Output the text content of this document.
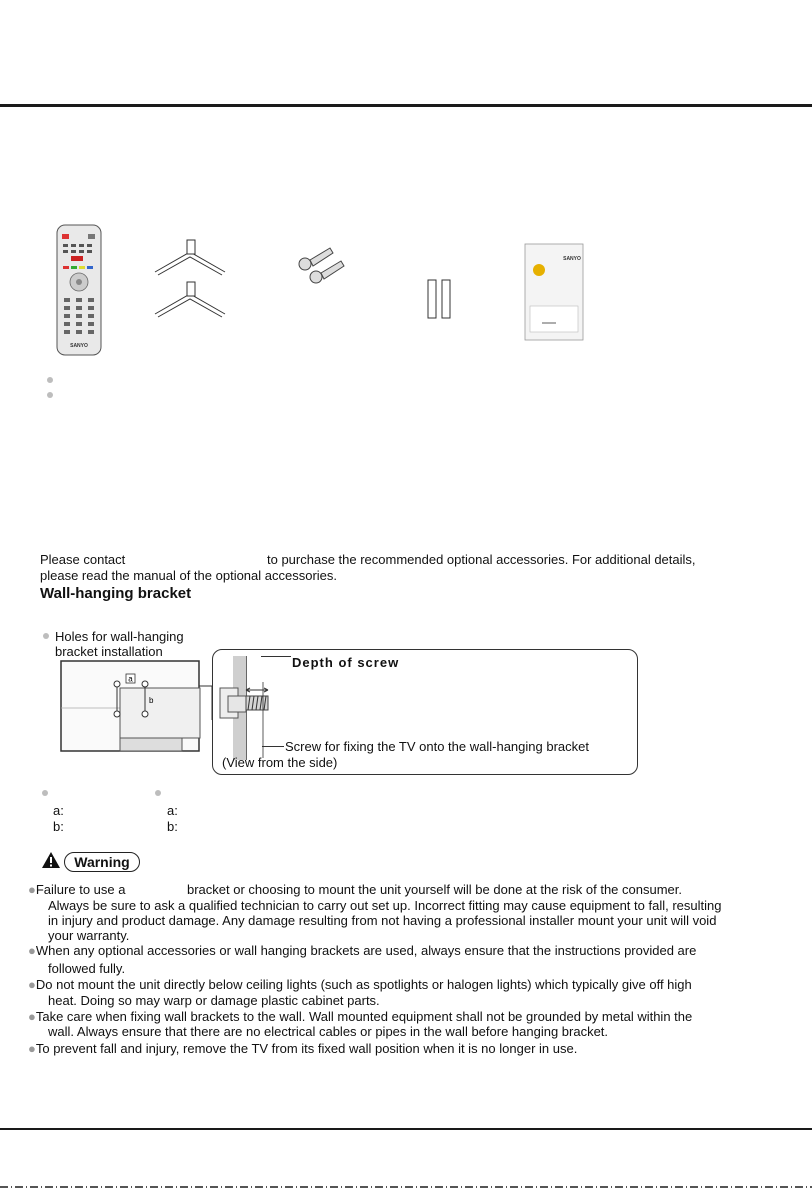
SANYO
SANYO
Please contact	to purchase the recommended optional accessories. For additional details,
please read the manual of the optional accessories.
Wall-hanging bracket
Holes for wall-hanging
bracket installation
a
b
Depth of screw
Screw for fixing the TV onto the wall-hanging bracket
(View from the side)
a:
b:
a:
b:
Warning
●Failure to use a	bracket or choosing to mount the unit yourself will be done at the risk of the consumer.
Always be sure to ask a qualified technician to carry out set up. Incorrect fitting may cause equipment to fall, resulting
in injury and product damage. Any damage resulting from not having a professional installer mount your unit will void
your warranty.
●When any optional accessories or wall hanging brackets are used, always ensure that the instructions provided are
followed fully.
●Do not mount the unit directly below ceiling lights (such as spotlights or halogen lights) which typically give off high
heat. Doing so may warp or damage plastic cabinet parts.
●Take care when fixing wall brackets to the wall. Wall mounted equipment shall not be grounded by metal within the
wall. Always ensure that there are no electrical cables or pipes in the wall before hanging bracket.
●To prevent fall and injury, remove the TV from its fixed wall position when it is no longer in use.
